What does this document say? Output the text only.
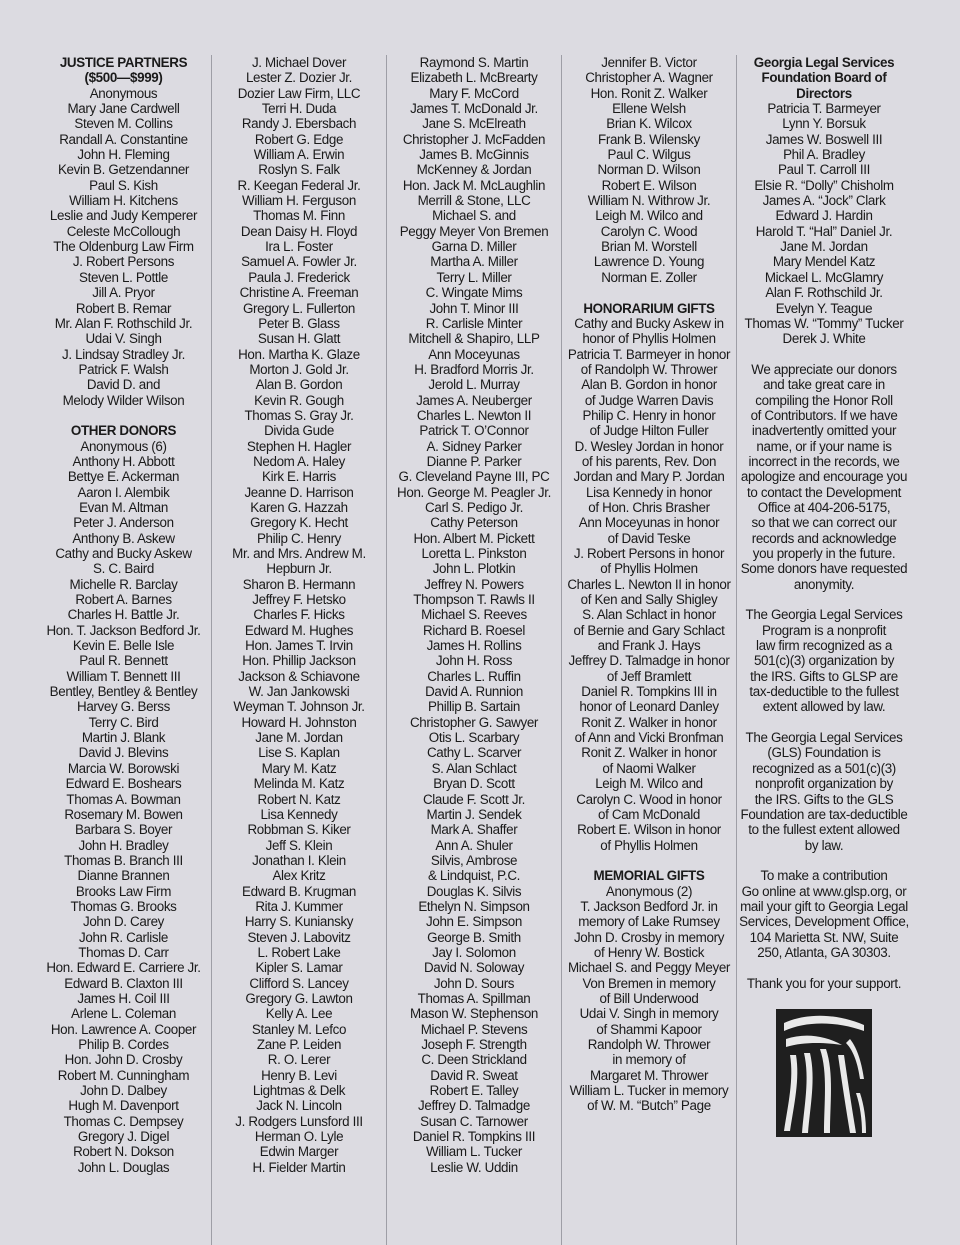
JUSTICE PARTNERS
($500—$999)
Anonymous
Mary Jane Cardwell
Steven M. Collins
Randall A. Constantine
John H. Fleming
Kevin B. Getzendanner
Paul S. Kish
William H. Kitchens
Leslie and Judy Kemperer
Celeste McCollough
The Oldenburg Law Firm
J. Robert Persons
Steven L. Pottle
Jill A. Pryor
Robert B. Remar
Mr. Alan F. Rothschild Jr.
Udai V. Singh
J. Lindsay Stradley Jr.
Patrick F. Walsh
David D. and
Melody Wilder Wilson
OTHER DONORS
Anonymous (6)
Anthony H. Abbott
Bettye E. Ackerman
Aaron I. Alembik
Evan M. Altman
Peter J. Anderson
Anthony B. Askew
Cathy and Bucky Askew
S. C. Baird
Michelle R. Barclay
Robert A. Barnes
Charles H. Battle Jr.
Hon. T. Jackson Bedford Jr.
Kevin E. Belle Isle
Paul R. Bennett
William T. Bennett III
Bentley, Bentley & Bentley
Harvey G. Berss
Terry C. Bird
Martin J. Blank
David J. Blevins
Marcia W. Borowski
Edward E. Boshears
Thomas A. Bowman
Rosemary M. Bowen
Barbara S. Boyer
John H. Bradley
Thomas B. Branch III
Dianne Brannen
Brooks Law Firm
Thomas G. Brooks
John D. Carey
John R. Carlisle
Thomas D. Carr
Hon. Edward E. Carriere Jr.
Edward B. Claxton III
James H. Coil III
Arlene L. Coleman
Hon. Lawrence A. Cooper
Philip B. Cordes
Hon. John D. Crosby
Robert M. Cunningham
John D. Dalbey
Hugh M. Davenport
Thomas C. Dempsey
Gregory J. Digel
Robert N. Dokson
John L. Douglas
J. Michael Dover
Lester Z. Dozier Jr.
Dozier Law Firm, LLC
Terri H. Duda
Randy J. Ebersbach
Robert G. Edge
William A. Erwin
Roslyn S. Falk
R. Keegan Federal Jr.
William H. Ferguson
Thomas M. Finn
Dean Daisy H. Floyd
Ira L. Foster
Samuel A. Fowler Jr.
Paula J. Frederick
Christine A. Freeman
Gregory L. Fullerton
Peter B. Glass
Susan H. Glatt
Hon. Martha K. Glaze
Morton J. Gold Jr.
Alan B. Gordon
Kevin R. Gough
Thomas S. Gray Jr.
Divida Gude
Stephen H. Hagler
Nedom A. Haley
Kirk E. Harris
Jeanne D. Harrison
Karen G. Hazzah
Gregory K. Hecht
Philip C. Henry
Mr. and Mrs. Andrew M.
Hepburn Jr.
Sharon B. Hermann
Jeffrey F. Hetsko
Charles F. Hicks
Edward M. Hughes
Hon. James T. Irvin
Hon. Phillip Jackson
Jackson & Schiavone
W. Jan Jankowski
Weyman T. Johnson Jr.
Howard H. Johnston
Jane M. Jordan
Lise S. Kaplan
Mary M. Katz
Melinda M. Katz
Robert N. Katz
Lisa Kennedy
Robbman S. Kiker
Jeff S. Klein
Jonathan I. Klein
Alex Kritz
Edward B. Krugman
Rita J. Kummer
Harry S. Kuniansky
Steven J. Labovitz
L. Robert Lake
Kipler S. Lamar
Clifford S. Lancey
Gregory G. Lawton
Kelly A. Lee
Stanley M. Lefco
Zane P. Leiden
R. O. Lerer
Henry B. Levi
Lightmas & Delk
Jack N. Lincoln
J. Rodgers Lunsford III
Herman O. Lyle
Edwin Marger
H. Fielder Martin
Raymond S. Martin
Elizabeth L. McBrearty
Mary F. McCord
James T. McDonald Jr.
Jane S. McElreath
Christopher J. McFadden
James B. McGinnis
McKenney & Jordan
Hon. Jack M. McLaughlin
Merrill & Stone, LLC
Michael S. and
Peggy Meyer Von Bremen
Garna D. Miller
Martha A. Miller
Terry L. Miller
C. Wingate Mims
John T. Minor III
R. Carlisle Minter
Mitchell & Shapiro, LLP
Ann Moceyunas
H. Bradford Morris Jr.
Jerold L. Murray
James A. Neuberger
Charles L. Newton II
Patrick T. O’Connor
A. Sidney Parker
Dianne P. Parker
G. Cleveland Payne III, PC
Hon. George M. Peagler Jr.
Carl S. Pedigo Jr.
Cathy Peterson
Hon. Albert M. Pickett
Loretta L. Pinkston
John L. Plotkin
Jeffrey N. Powers
Thompson T. Rawls II
Michael S. Reeves
Richard B. Roesel
James H. Rollins
John H. Ross
Charles L. Ruffin
David A. Runnion
Phillip B. Sartain
Christopher G. Sawyer
Otis L. Scarbary
Cathy L. Scarver
S. Alan Schlact
Bryan D. Scott
Claude F. Scott Jr.
Martin J. Sendek
Mark A. Shaffer
Ann A. Shuler
Silvis, Ambrose
& Lindquist, P.C.
Douglas K. Silvis
Ethelyn N. Simpson
John E. Simpson
George B. Smith
Jay I. Solomon
David N. Soloway
John D. Sours
Thomas A. Spillman
Mason W. Stephenson
Michael P. Stevens
Joseph F. Strength
C. Deen Strickland
David R. Sweat
Robert E. Talley
Jeffrey D. Talmadge
Susan C. Tarnower
Daniel R. Tompkins III
William L. Tucker
Leslie W. Uddin
Jennifer B. Victor
Christopher A. Wagner
Hon. Ronit Z. Walker
Ellene Welsh
Brian K. Wilcox
Frank B. Wilensky
Paul C. Wilgus
Norman D. Wilson
Robert E. Wilson
William N. Withrow Jr.
Leigh M. Wilco and
Carolyn C. Wood
Brian M. Worstell
Lawrence D. Young
Norman E. Zoller
HONORARIUM GIFTS
Cathy and Bucky Askew in
honor of Phyllis Holmen
Patricia T. Barmeyer in honor
of Randolph W. Thrower
Alan B. Gordon in honor
of Judge Warren Davis
Philip C. Henry in honor
of Judge Hilton Fuller
D. Wesley Jordan in honor
of his parents, Rev. Don
Jordan and Mary P. Jordan
Lisa Kennedy in honor
of Hon. Chris Brasher
Ann Moceyunas in honor
of David Teske
J. Robert Persons in honor
of Phyllis Holmen
Charles L. Newton II in honor
of Ken and Sally Shigley
S. Alan Schlact in honor
of Bernie and Gary Schlact
and Frank J. Hays
Jeffrey D. Talmadge in honor
of Jeff Bramlett
Daniel R. Tompkins III in
honor of Leonard Danley
Ronit Z. Walker in honor
of Ann and Vicki Bronfman
Ronit Z. Walker in honor
of Naomi Walker
Leigh M. Wilco and
Carolyn C. Wood in honor
of Cam McDonald
Robert E. Wilson in honor
of Phyllis Holmen
MEMORIAL GIFTS
Anonymous (2)
T. Jackson Bedford Jr. in
memory of Lake Rumsey
John D. Crosby in memory
of Henry W. Bostick
Michael S. and Peggy Meyer
Von Bremen in memory
of Bill Underwood
Udai V. Singh in memory
of Shammi Kapoor
Randolph W. Thrower
in memory of
Margaret M. Thrower
William L. Tucker in memory
of W. M. “Butch” Page
Georgia Legal Services
Foundation Board of
Directors
Patricia T. Barmeyer
Lynn Y. Borsuk
James W. Boswell III
Phil A. Bradley
Paul T. Carroll III
Elsie R. “Dolly” Chisholm
James A. “Jock” Clark
Edward J. Hardin
Harold T. “Hal” Daniel Jr.
Jane M. Jordan
Mary Mendel Katz
Mickael L. McGlamry
Alan F. Rothschild Jr.
Evelyn Y. Teague
Thomas W. “Tommy” Tucker
Derek J. White
We appreciate our donors
and take great care in
compiling the Honor Roll
of Contributors. If we have
inadvertently omitted your
name, or if your name is
incorrect in the records, we
apologize and encourage you
to contact the Development
Office at 404-206-5175,
so that we can correct our
records and acknowledge
you properly in the future.
Some donors have requested
anonymity.
The Georgia Legal Services
Program is a nonprofit
law firm recognized as a
501(c)(3) organization by
the IRS. Gifts to GLSP are
tax-deductible to the fullest
extent allowed by law.
The Georgia Legal Services
(GLS) Foundation is
recognized as a 501(c)(3)
nonprofit organization by
the IRS. Gifts to the GLS
Foundation are tax-deductible
to the fullest extent allowed
by law.
To make a contribution
Go online at www.glsp.org, or
mail your gift to Georgia Legal
Services, Development Office,
104 Marietta St. NW, Suite
250, Atlanta, GA 30303.
Thank you for your support.
